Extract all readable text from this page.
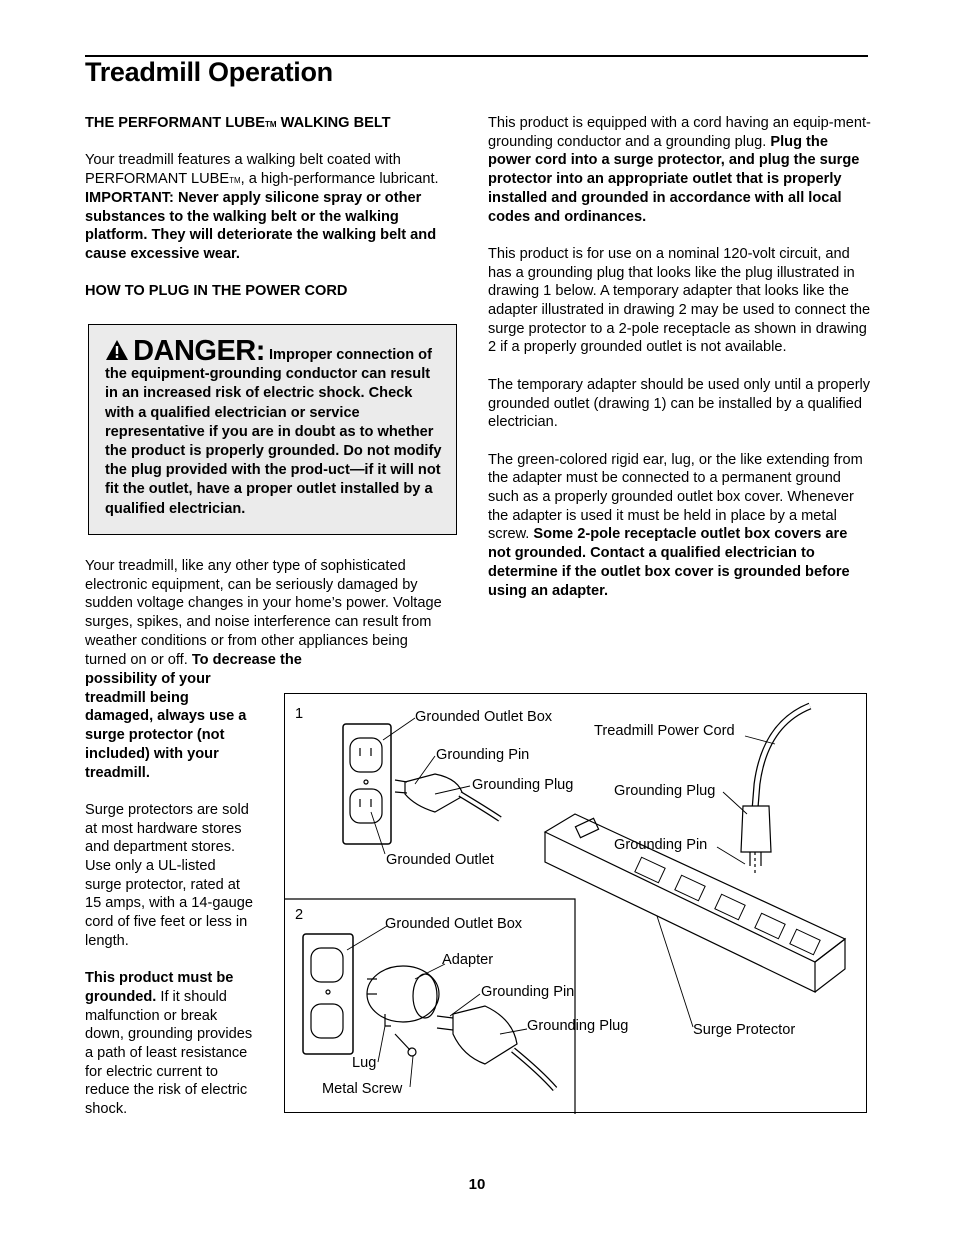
Treadmill Operation
THE PERFORMANT LUBE™ WALKING BELT

Your treadmill features a walking belt coated with PERFORMANT LUBE™, a high-performance lubricant. IMPORTANT: Never apply silicone spray or other substances to the walking belt or the walking platform. They will deteriorate the walking belt and cause excessive wear.

HOW TO PLUG IN THE POWER CORD
DANGER: Improper connection of the equipment-grounding conductor can result in an increased risk of electric shock. Check with a qualified electrician or service representative if you are in doubt as to whether the product is properly grounded. Do not modify the plug provided with the prod-uct—if it will not fit the outlet, have a proper outlet installed by a qualified electrician.
Your treadmill, like any other type of sophisticated electronic equipment, can be seriously damaged by sudden voltage changes in your home’s power. Voltage surges, spikes, and noise interference can result from weather conditions or from other appliances being turned on or off. To decrease the

possibility of your treadmill being damaged, always use a surge protector (not included) with your treadmill.

Surge protectors are sold at most hardware stores and department stores. Use only a UL-listed surge protector, rated at 15 amps, with a 14-gauge cord of five feet or less in length.

This product must be grounded. If it should malfunction or break down, grounding provides a path of least resistance for electric current to reduce the risk of electric shock.

This product is equipped with a cord having an equip-ment-grounding conductor and a grounding plug. Plug the power cord into a surge protector, and plug the surge protector into an appropriate outlet that is properly installed and grounded in accordance with all local codes and ordinances.

This product is for use on a nominal 120-volt circuit, and has a grounding plug that looks like the plug illustrated in drawing 1 below. A temporary adapter that looks like the adapter illustrated in drawing 2 may be used to connect the surge protector to a 2-pole receptacle as shown in drawing 2 if a properly grounded outlet is not available.

The temporary adapter should be used only until a properly grounded outlet (drawing 1) can be installed by a qualified electrician.

The green-colored rigid ear, lug, or the like extending from the adapter must be connected to a permanent ground such as a properly grounded outlet box cover. Whenever the adapter is used it must be held in place by a metal screw. Some 2-pole receptacle outlet box covers are not grounded. Contact a qualified electrician to determine if the outlet box cover is grounded before using an adapter.

1
2
Grounded Outlet Box
Grounding Pin
Grounding Plug
Grounded Outlet
Treadmill Power Cord
Grounding Plug
Grounding Pin
Grounded Outlet Box
Adapter
Grounding Pin
Grounding Plug	Surge Protector
Lug
Metal Screw
10
